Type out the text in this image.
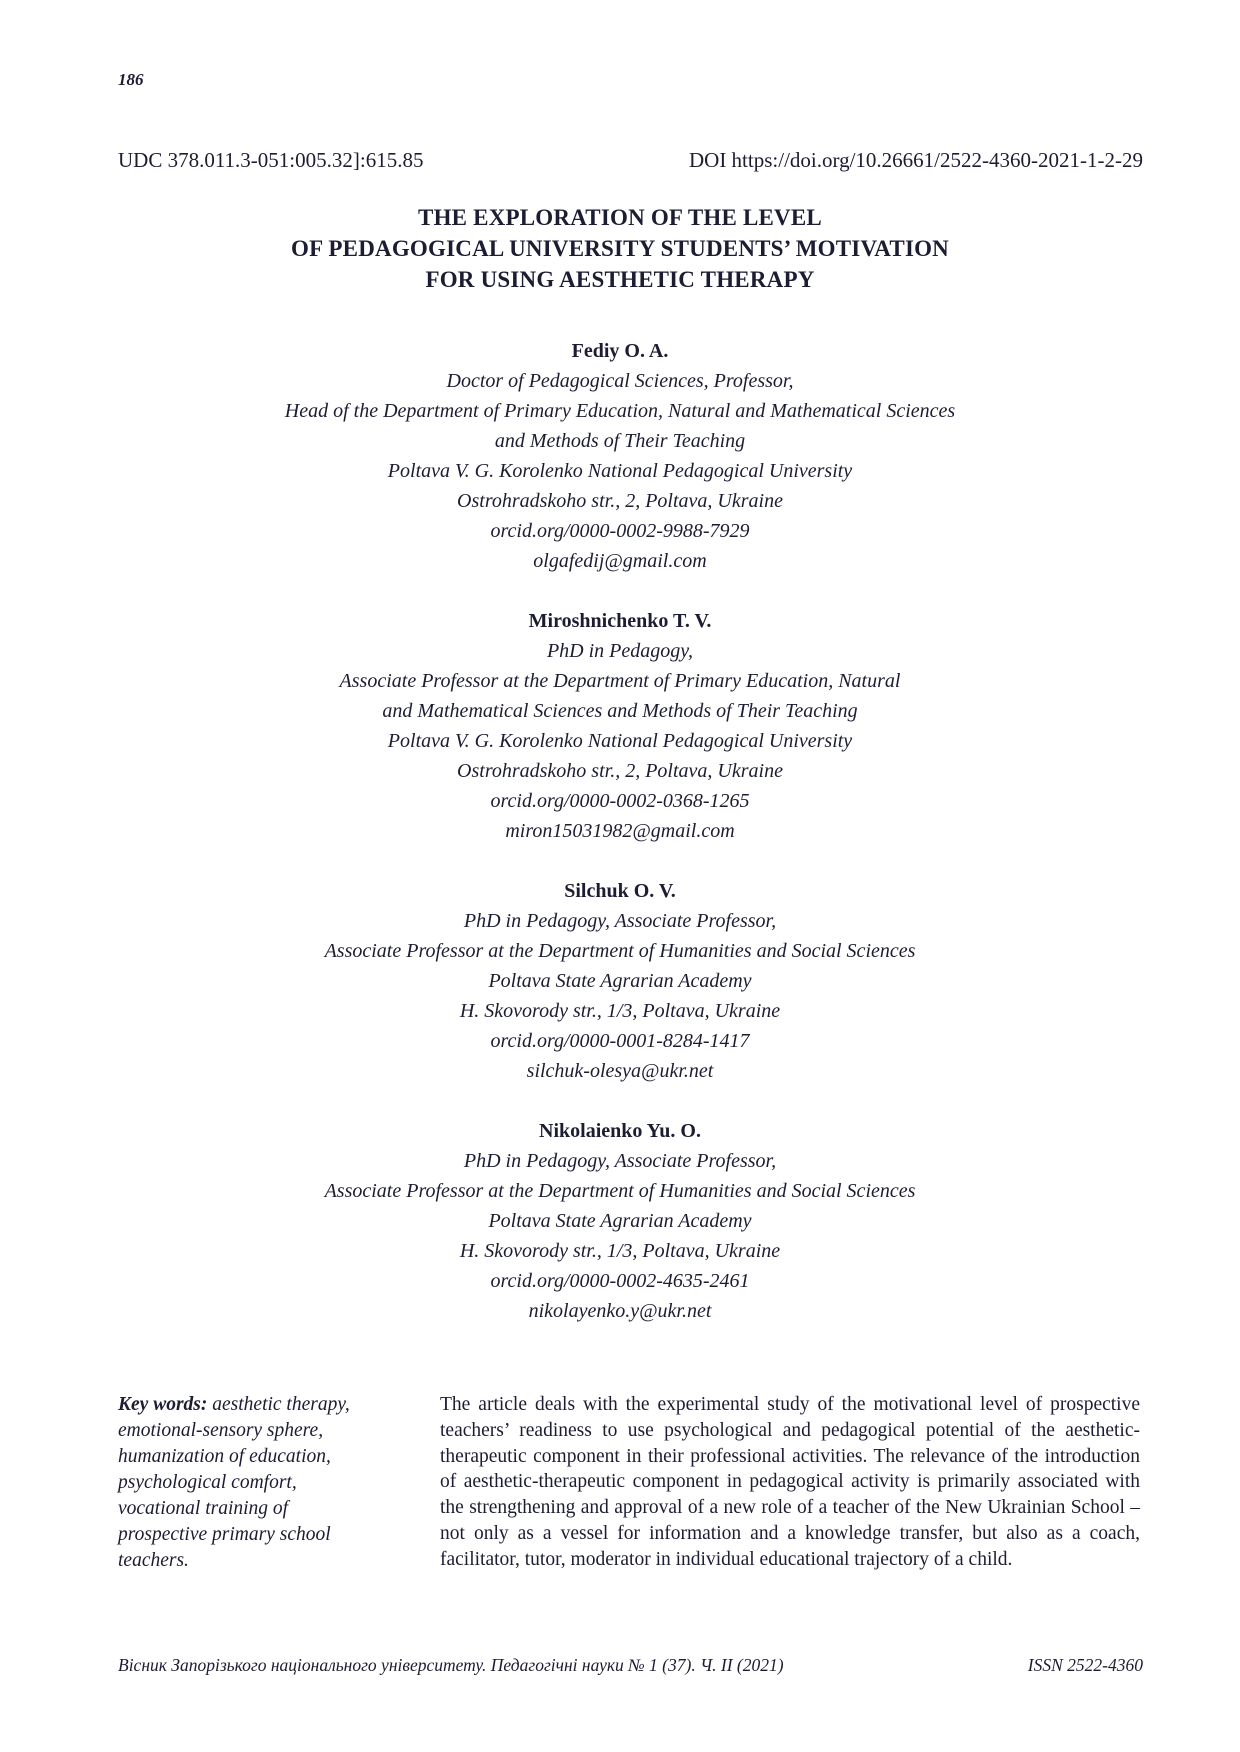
186
UDC 378.011.3-051:005.32]:615.85	DOI https://doi.org/10.26661/2522-4360-2021-1-2-29
THE EXPLORATION OF THE LEVEL
OF PEDAGOGICAL UNIVERSITY STUDENTS’ MOTIVATION
FOR USING AESTHETIC THERAPY
Fediy O. A.
Doctor of Pedagogical Sciences, Professor,
Head of the Department of Primary Education, Natural and Mathematical Sciences
and Methods of Their Teaching
Poltava V. G. Korolenko National Pedagogical University
Ostrohradskoho str., 2, Poltava, Ukraine
orcid.org/0000-0002-9988-7929
olgafedij@gmail.com
Miroshnichenko T. V.
PhD in Pedagogy,
Associate Professor at the Department of Primary Education, Natural
and Mathematical Sciences and Methods of Their Teaching
Poltava V. G. Korolenko National Pedagogical University
Ostrohradskoho str., 2, Poltava, Ukraine
orcid.org/0000-0002-0368-1265
miron15031982@gmail.com
Silchuk O. V.
PhD in Pedagogy, Associate Professor,
Associate Professor at the Department of Humanities and Social Sciences
Poltava State Agrarian Academy
H. Skovorody str., 1/3, Poltava, Ukraine
orcid.org/0000-0001-8284-1417
silchuk-olesya@ukr.net
Nikolaienko Yu. O.
PhD in Pedagogy, Associate Professor,
Associate Professor at the Department of Humanities and Social Sciences
Poltava State Agrarian Academy
H. Skovorody str., 1/3, Poltava, Ukraine
orcid.org/0000-0002-4635-2461
nikolayenko.y@ukr.net
Key words: aesthetic therapy, emotional-sensory sphere, humanization of education, psychological comfort, vocational training of prospective primary school teachers.
The article deals with the experimental study of the motivational level of prospective teachers’ readiness to use psychological and pedagogical potential of the aesthetic-therapeutic component in their professional activities. The relevance of the introduction of aesthetic-therapeutic component in pedagogical activity is primarily associated with the strengthening and approval of a new role of a teacher of the New Ukrainian School – not only as a vessel for information and a knowledge transfer, but also as a coach, facilitator, tutor, moderator in individual educational trajectory of a child.
Вісник Запорізького національного університету. Педагогічні науки № 1 (37). Ч. ІІ (2021)	ISSN 2522-4360
